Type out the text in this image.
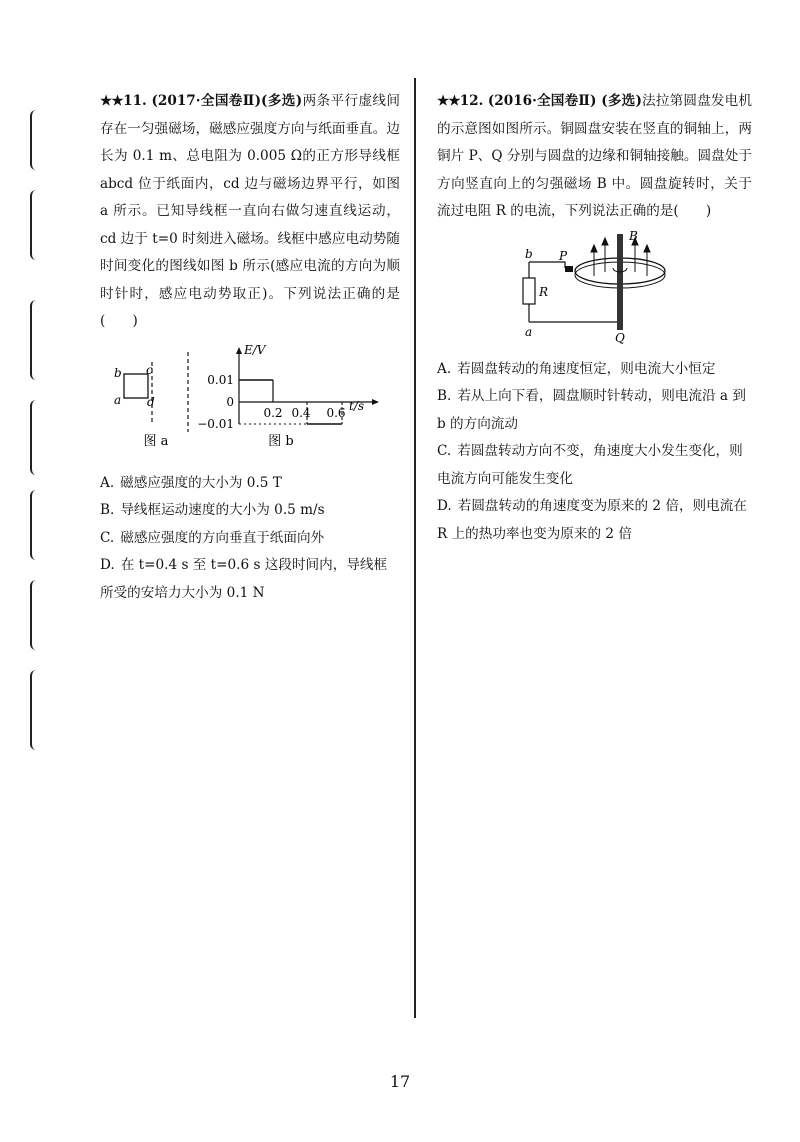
★★11. (2017·全国卷Ⅱ)(多选)两条平行虚线间存在一匀强磁场，磁感应强度方向与纸面垂直。边长为 0.1 m、总电阻为 0.005 Ω的正方形导线框 abcd 位于纸面内，cd 边与磁场边界平行，如图 a 所示。已知导线框一直向右做匀速直线运动，cd 边于 t=0 时刻进入磁场。线框中感应电动势随时间变化的图线如图 b 所示(感应电流的方向为顺时针时，感应电动势取正)。下列说法正确的是(　　)

b c
a d
图 a
E/V
0.01
0
−0.01
0.2 0.4 0.6 t/s
图 b

A. 磁感应强度的大小为 0.5 T

B. 导线框运动速度的大小为 0.5 m/s

C. 磁感应强度的方向垂直于纸面向外

D. 在 t=0.4 s 至 t=0.6 s 这段时间内，导线框所受的安培力大小为 0.1 N

★★12. (2016·全国卷Ⅱ) (多选)法拉第圆盘发电机的示意图如图所示。铜圆盘安装在竖直的铜轴上，两铜片 P、Q 分别与圆盘的边缘和铜轴接触。圆盘处于方向竖直向上的匀强磁场 B 中。圆盘旋转时，关于流过电阻 R 的电流，下列说法正确的是(　　)

b
a
P
Q
R
B

A. 若圆盘转动的角速度恒定，则电流大小恒定

B. 若从上向下看，圆盘顺时针转动，则电流沿 a 到 b 的方向流动

C. 若圆盘转动方向不变，角速度大小发生变化，则电流方向可能发生变化

D. 若圆盘转动的角速度变为原来的 2 倍，则电流在 R 上的热功率也变为原来的 2 倍

17
